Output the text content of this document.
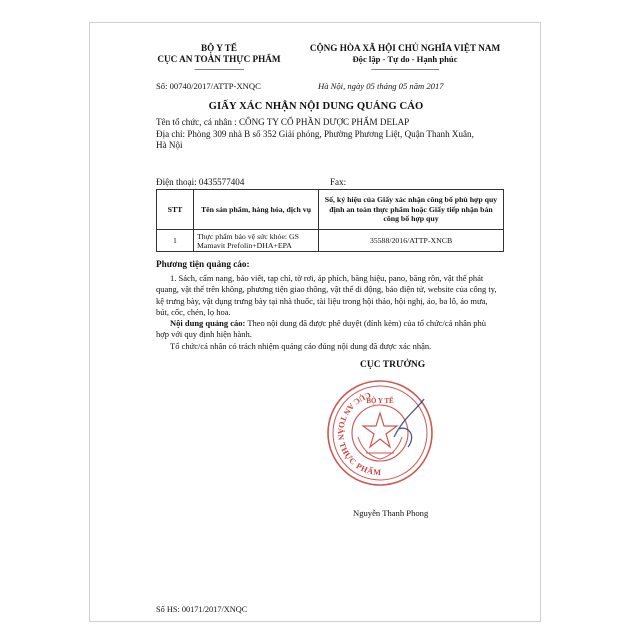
BỘ Y TẾ
CỤC AN TOÀN THỰC PHẨM
---------------------------
CỘNG HÒA XÃ HỘI CHỦ NGHĨA VIỆT NAM
Độc lập - Tự do - Hạnh phúc
-------------------------------------
Số: 00740/2017/ATTP-XNQC	Hà Nội, ngày 05 tháng 05 năm 2017
GIẤY XÁC NHẬN NỘI DUNG QUẢNG CÁO
Tên tổ chức, cá nhân : CÔNG TY CỔ PHẦN DƯỢC PHẨM DELAP
Địa chỉ: Phòng 309 nhà B số 352 Giải phóng, Phường Phương Liệt, Quận Thanh Xuân, Hà Nội
Điện thoại: 0435577404	Fax:
STT	Tên sản phẩm, hàng hóa, dịch vụ	Số, ký hiệu của Giấy xác nhận công bố phù hợp quy định an toàn thực phẩm hoặc Giấy tiếp nhận bản công bố hợp quy
1	Thực phẩm bảo vệ sức khỏe: GS Mamavit Prefolin+DHA+EPA	35588/2016/ATTP-XNCB
Phương tiện quảng cáo:
1. Sách, cẩm nang, báo viết, tạp chí, tờ rơi, áp phích, băng hiệu, pano, băng rôn, vật thể phát quang, vật thể trên không, phương tiện giao thông, vật thể di động, báo điện tử, website của công ty, kệ trưng bày, vật dụng trưng bày tại nhà thuốc, tài liệu trong hội thảo, hội nghị, áo, ba lô, áo mưa, bút, cốc, chén, lọ hoa.
Nội dung quảng cáo: Theo nội dung đã được phê duyệt (đính kèm) của tổ chức/cá nhân phù hợp với quy định hiện hành.
Tổ chức/cá nhân có trách nhiệm quảng cáo đúng nội dung đã được xác nhận.
CỤC TRƯỞNG
CỤC AN TOÀN THỰC PHẨM
BỘ Y TẾ
Nguyễn Thanh Phong
Số HS: 00171/2017/XNQC
